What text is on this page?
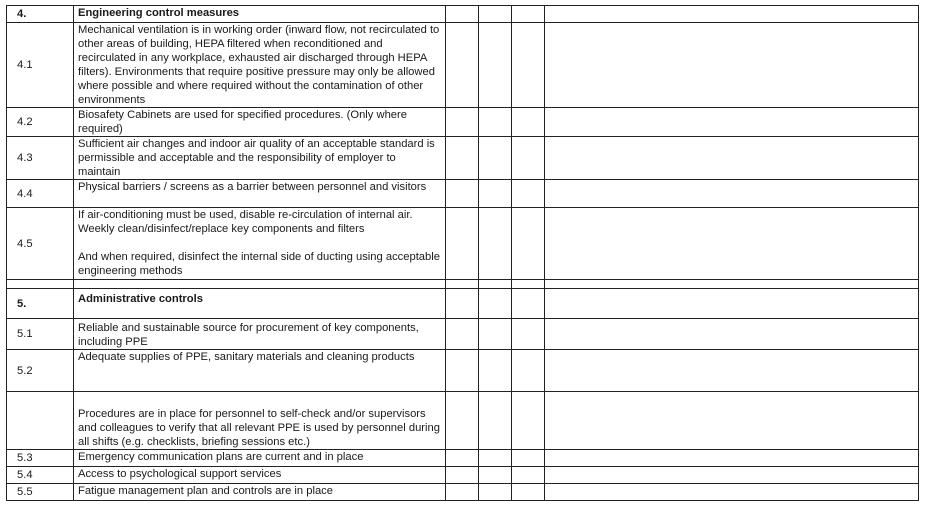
4.	Engineering control measures				
4.1	Mechanical ventilation is in working order (inward flow, not recirculated to other areas of building, HEPA filtered when reconditioned and recirculated in any workplace, exhausted air discharged through HEPA filters). Environments that require positive pressure may only be allowed where possible and where required without the contamination of other environments				
4.2	Biosafety Cabinets are used for specified procedures. (Only where required)				
4.3	Sufficient air changes and indoor air quality of an acceptable standard is permissible and acceptable and the responsibility of employer to maintain				
4.4	Physical barriers / screens as a barrier between personnel and visitors				
4.5	If air-conditioning must be used, disable re-circulation of internal air. Weekly clean/disinfect/replace key components and filters
And when required, disinfect the internal side of ducting using acceptable engineering methods				

5.	Administrative controls				
5.1	Reliable and sustainable source for procurement of key components, including PPE				
5.2	Adequate supplies of PPE, sanitary materials and cleaning products				
	Procedures are in place for personnel to self-check and/or supervisors and colleagues to verify that all relevant PPE is used by personnel during all shifts (e.g. checklists, briefing sessions etc.)				
5.3	Emergency communication plans are current and in place				
5.4	Access to psychological support services				
5.5	Fatigue management plan and controls are in place				
